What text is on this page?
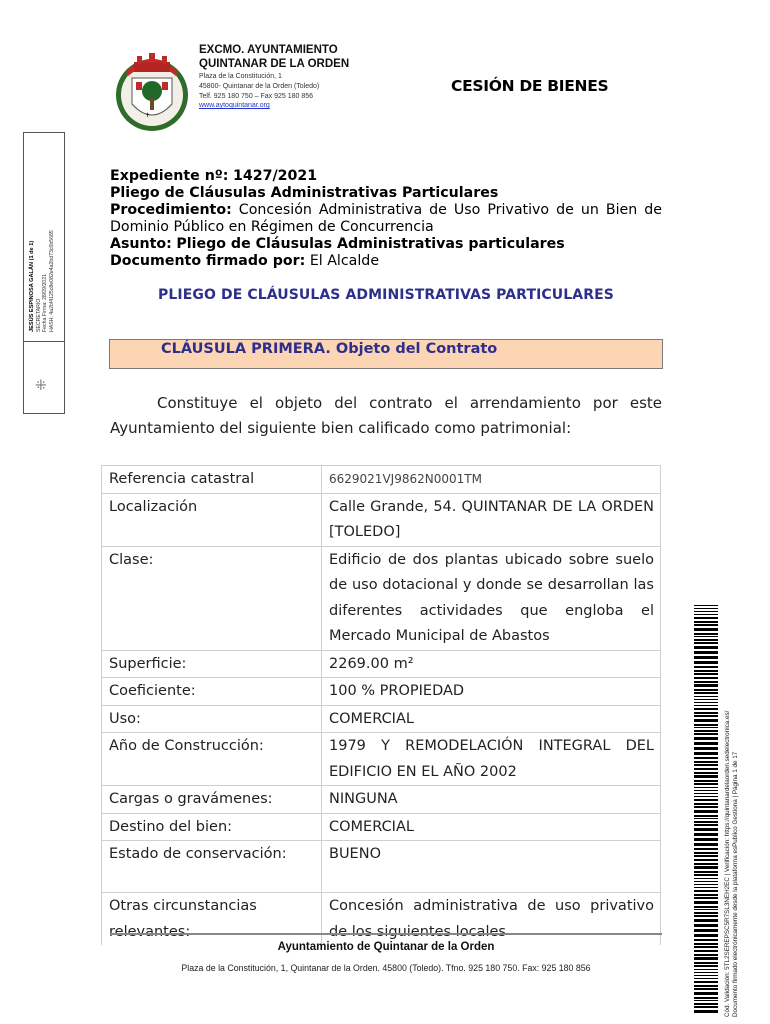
✝
EXCMO. AYUNTAMIENTO
QUINTANAR DE LA ORDEN
Plaza de la Constitución, 1
45800- Quintanar de la Orden (Toledo)
Telf. 925 180 750 – Fax 925 180 856
www.aytoquintanar.org
CESIÓN DE BIENES
JESÚS ESPINOSA GALÁN (1 de 1) SECRETARIO Fecha Firma: 28/09/2021 HASH: 4a2bf4125c8e082e4a2bd73c0b5685
⁜
Expediente nº: 1427/2021
Pliego de Cláusulas Administrativas Particulares
Procedimiento: Concesión Administrativa de Uso Privativo de un Bien de Dominio Público en Régimen de Concurrencia
Asunto: Pliego de Cláusulas Administrativas particulares
Documento firmado por: El Alcalde
PLIEGO DE CLÁUSULAS ADMINISTRATIVAS PARTICULARES
CLÁUSULA PRIMERA. Objeto del Contrato
Constituye el objeto del contrato el arrendamiento por este Ayuntamiento del siguiente bien calificado como patrimonial:
Referencia catastral	6629021VJ9862N0001TM
Localización	Calle Grande, 54. QUINTANAR DE LA ORDEN [TOLEDO]
Clase:	Edificio de dos plantas ubicado sobre suelo de uso dotacional y donde se desarrollan las diferentes actividades que engloba el Mercado Municipal de Abastos
Superficie:	2269.00 m²
Coeficiente:	100 % PROPIEDAD
Uso:	COMERCIAL
Año de Construcción:	1979 Y REMODELACIÓN INTEGRAL DEL EDIFICIO EN EL AÑO 2002
Cargas o gravámenes:	NINGUNA
Destino del bien:	COMERCIAL
Estado de conservación:	BUENO
Otras circunstancias relevantes:	Concesión administrativa de uso privativo de los siguientes locales
Ayuntamiento de Quintanar de la Orden
Plaza de la Constitución, 1, Quintanar de la Orden. 45800 (Toledo). Tfno. 925 180 750. Fax: 925 180 856	Cód. Validación: 5TL2SEREPSC5R7SL3NEH2EC | Verificación: https://quintanardelaorden.sedelectronica.es/ Documento firmado electrónicamente desde la plataforma esPublico Gestiona | Página 1 de 17
